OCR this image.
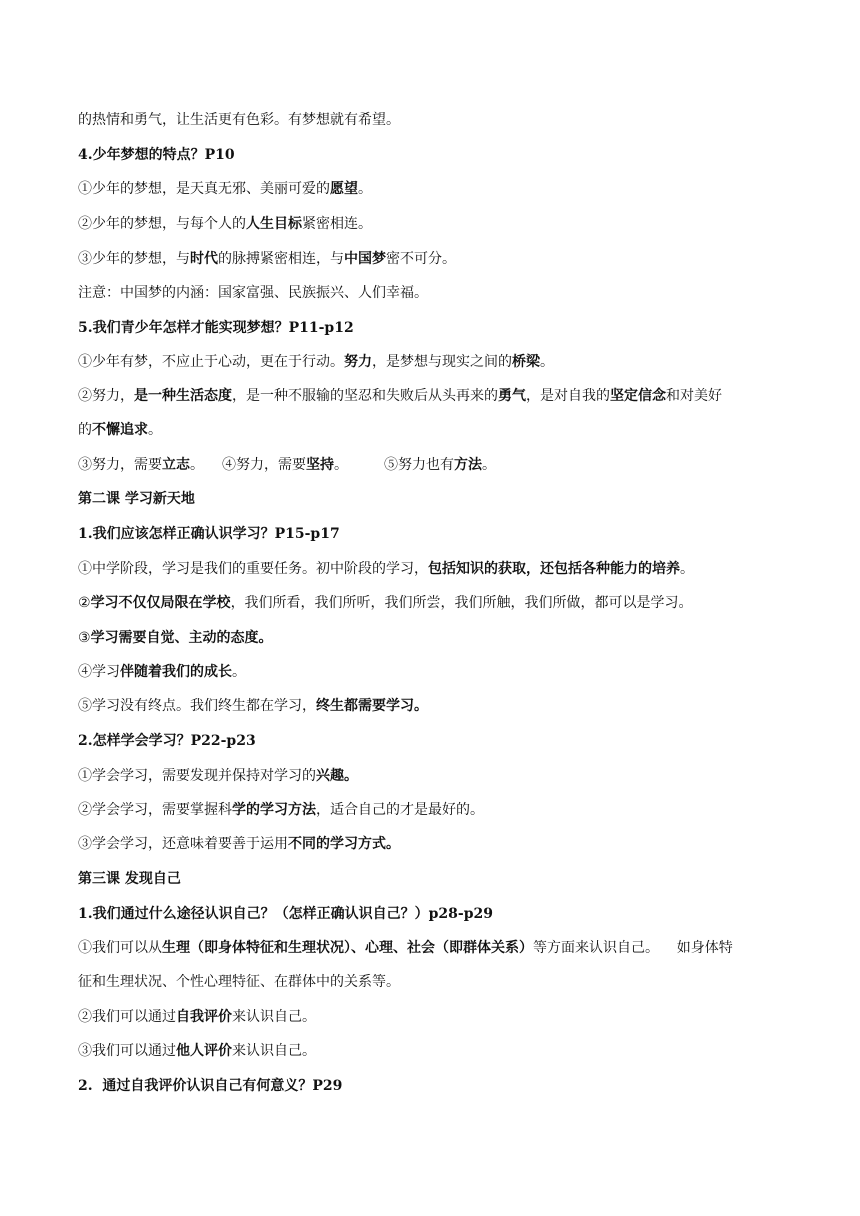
的热情和勇气，让生活更有色彩。有梦想就有希望。
4.少年梦想的特点？P10
①少年的梦想，是天真无邪、美丽可爱的愿望。
②少年的梦想，与每个人的人生目标紧密相连。
③少年的梦想，与时代的脉搏紧密相连，与中国梦密不可分。
注意：中国梦的内涵：国家富强、民族振兴、人们幸福。
5.我们青少年怎样才能实现梦想？P11-p12
①少年有梦，不应止于心动，更在于行动。努力，是梦想与现实之间的桥梁。
②努力，是一种生活态度，是一种不服输的坚忍和失败后从头再来的勇气，是对自我的坚定信念和对美好
的不懈追求。
③努力，需要立志。 ④努力，需要坚持。	⑤努力也有方法。
第二课 学习新天地
1.我们应该怎样正确认识学习？P15-p17
①中学阶段，学习是我们的重要任务。初中阶段的学习，包括知识的获取，还包括各种能力的培养。
②学习不仅仅局限在学校，我们所看，我们所听，我们所尝，我们所触，我们所做，都可以是学习。
③学习需要自觉、主动的态度。
④学习伴随着我们的成长。
⑤学习没有终点。我们终生都在学习，终生都需要学习。
2.怎样学会学习？P22-p23
①学会学习，需要发现并保持对学习的兴趣。
②学会学习，需要掌握科学的学习方法，适合自己的才是最好的。
③学会学习，还意味着要善于运用不同的学习方式。
第三课 发现自己
1.我们通过什么途径认识自己？（怎样正确认识自己？）p28-p29
①我们可以从生理（即身体特征和生理状况）、心理、社会（即群体关系）等方面来认识自己。    如身体特
征和生理状况、个性心理特征、在群体中的关系等。
②我们可以通过自我评价来认识自己。
③我们可以通过他人评价来认识自己。
2.  通过自我评价认识自己有何意义？P29
